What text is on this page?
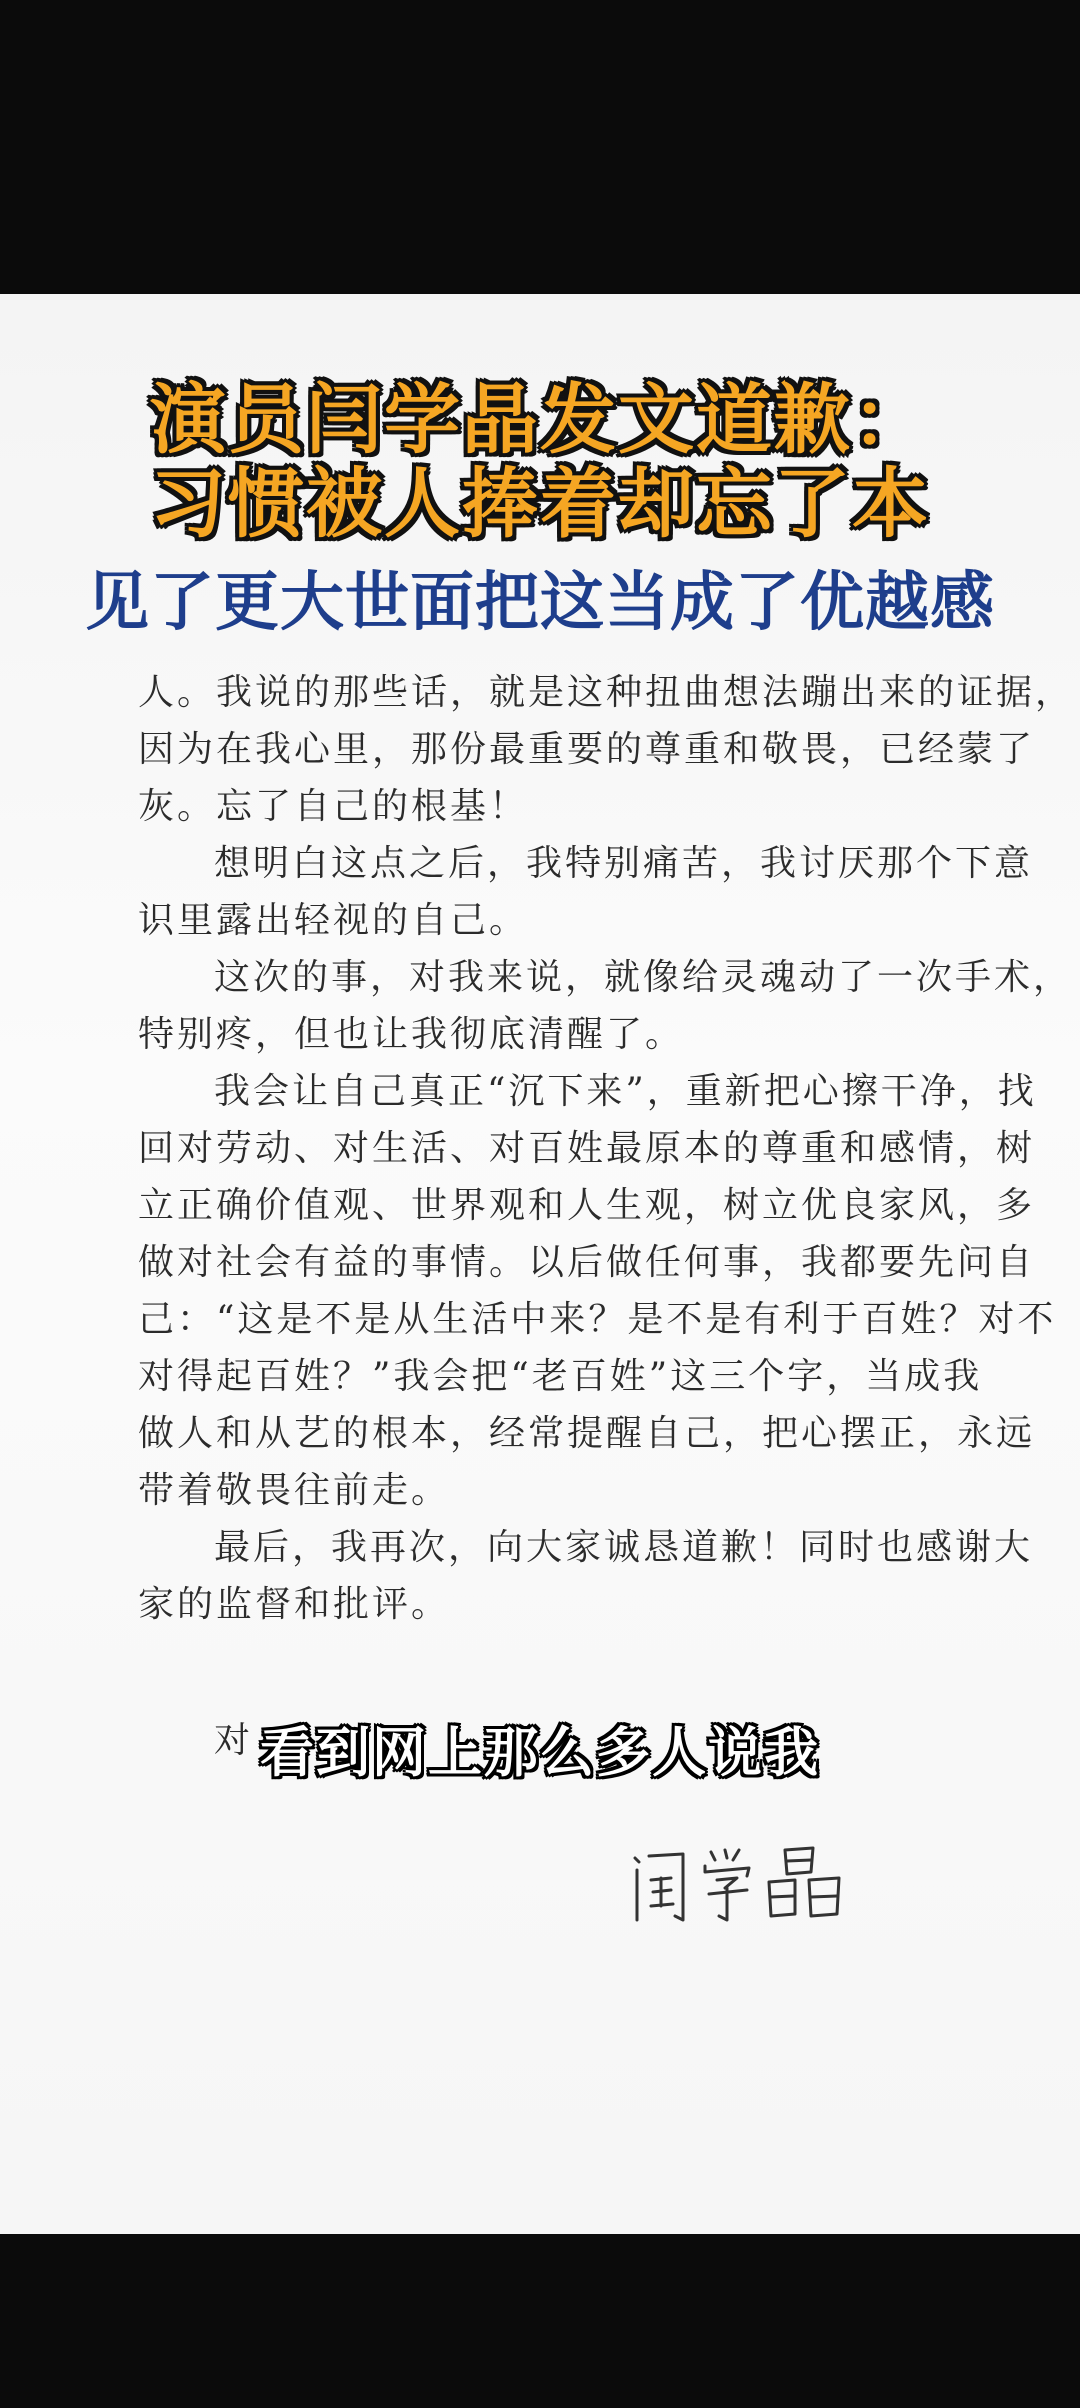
演员闫学晶发文道歉：
习惯被人捧着却忘了本
见了更大世面把这当成了优越感
人。我说的那些话，就是这种扭曲想法蹦出来的证据，
因为在我心里，那份最重要的尊重和敬畏，已经蒙了
灰。忘了自己的根基！
想明白这点之后，我特别痛苦，我讨厌那个下意
识里露出轻视的自己。
这次的事，对我来说，就像给灵魂动了一次手术，
特别疼，但也让我彻底清醒了。
我会让自己真正“沉下来”，重新把心擦干净，找
回对劳动、对生活、对百姓最原本的尊重和感情，树
立正确价值观、世界观和人生观，树立优良家风，多
做对社会有益的事情。以后做任何事，我都要先问自
己：“这是不是从生活中来？是不是有利于百姓？对不
对得起百姓？”我会把“老百姓”这三个字，当成我
做人和从艺的根本，经常提醒自己，把心摆正，永远
带着敬畏往前走。
最后，我再次，向大家诚恳道歉！同时也感谢大
家的监督和批评。
对 看到网上那么多人说我
